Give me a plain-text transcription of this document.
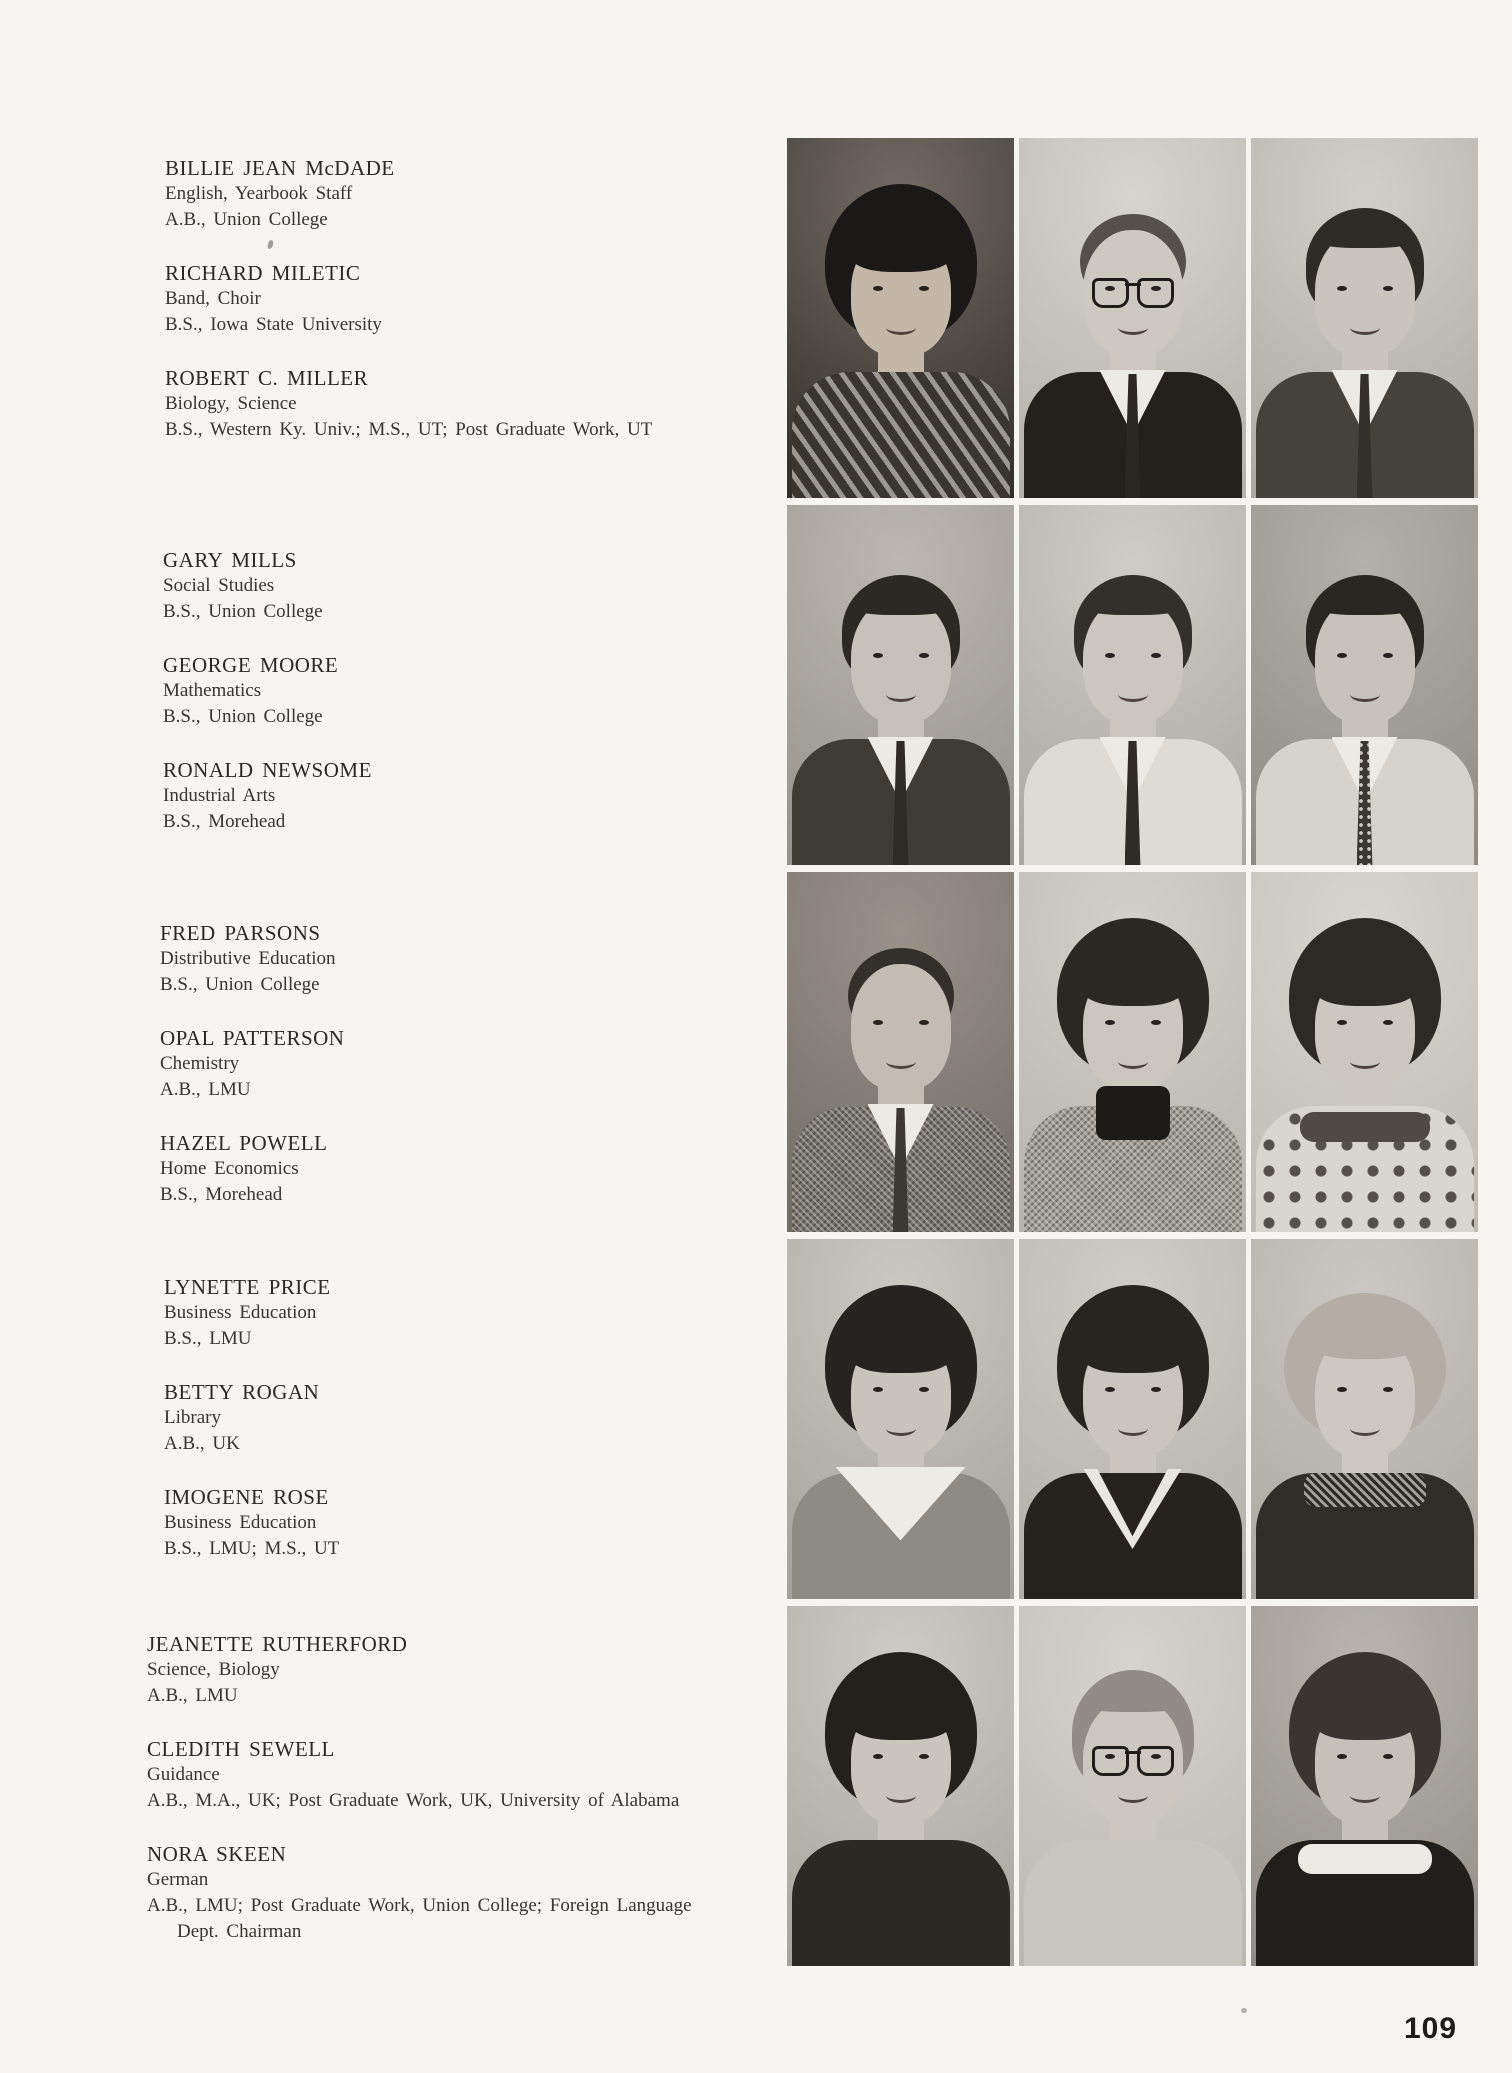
BILLIE JEAN McDADE
English, Yearbook Staff
A.B., Union College
RICHARD MILETIC
Band, Choir
B.S., Iowa State University
ROBERT C. MILLER
Biology, Science
B.S., Western Ky. Univ.; M.S., UT; Post Graduate Work, UT
GARY MILLS
Social Studies
B.S., Union College
GEORGE MOORE
Mathematics
B.S., Union College
RONALD NEWSOME
Industrial Arts
B.S., Morehead
FRED PARSONS
Distributive Education
B.S., Union College
OPAL PATTERSON
Chemistry
A.B., LMU
HAZEL POWELL
Home Economics
B.S., Morehead
LYNETTE PRICE
Business Education
B.S., LMU
BETTY ROGAN
Library
A.B., UK
IMOGENE ROSE
Business Education
B.S., LMU; M.S., UT
JEANETTE RUTHERFORD
Science, Biology
A.B., LMU
CLEDITH SEWELL
Guidance
A.B., M.A., UK; Post Graduate Work, UK, University of Alabama
NORA SKEEN
German
A.B., LMU; Post Graduate Work, Union College; Foreign Language
Dept. Chairman
109
